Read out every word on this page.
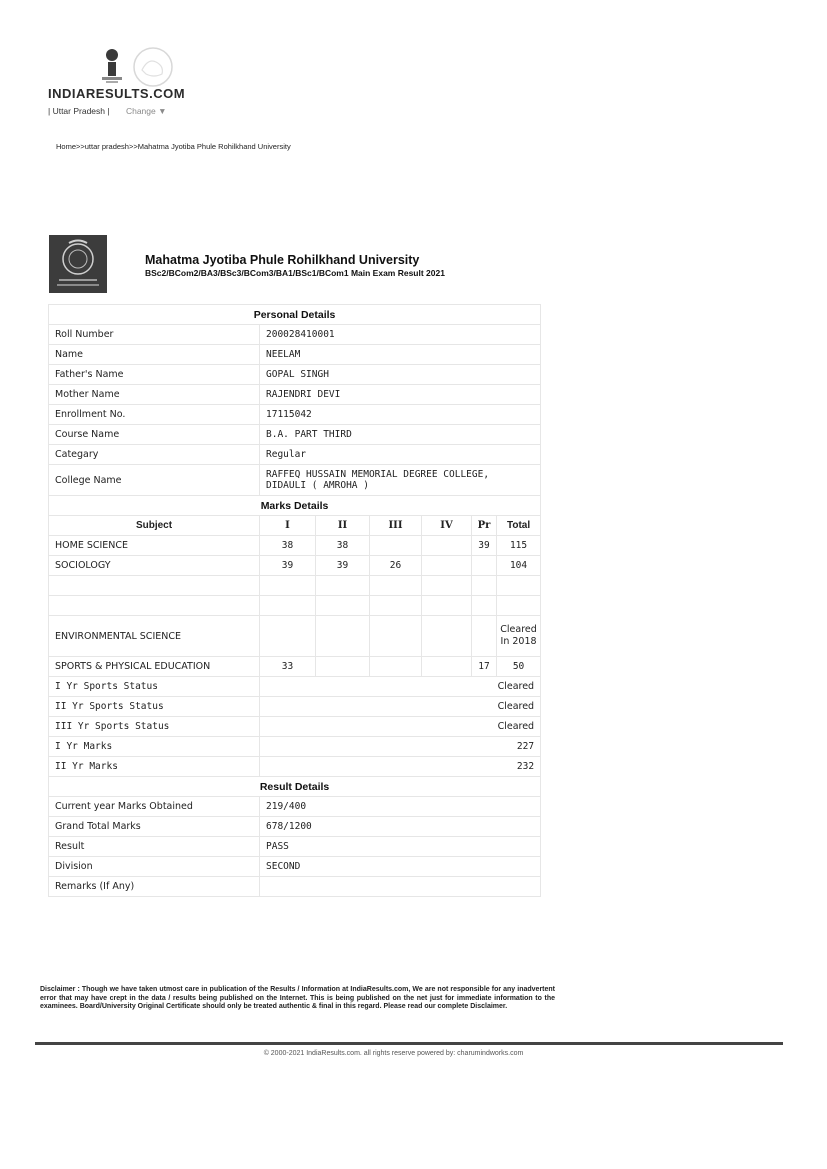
INDIARESULTS.COM
| Uttar Pradesh | Change ▼
Home>>uttar pradesh>>Mahatma Jyotiba Phule Rohilkhand University
Mahatma Jyotiba Phule Rohilkhand University
BSc2/BCom2/BA3/BSc3/BCom3/BA1/BSc1/BCom1 Main Exam Result 2021
Personal Details						
Roll Number	200028410001					
Name	NEELAM					
Father's Name	GOPAL SINGH					
Mother Name	RAJENDRI DEVI					
Enrollment No.	17115042					
Course Name	B.A. PART THIRD					
Categary	Regular					
College Name	RAFFEQ HUSSAIN MEMORIAL DEGREE COLLEGE, DIDAULI ( AMROHA )					
Marks Details						
Subject	I	II	III	IV	Pr	Total
HOME SCIENCE	38	38			39	115
SOCIOLOGY	39	39	26			104

ENVIRONMENTAL SCIENCE						Cleared In 2018
SPORTS & PHYSICAL EDUCATION	33				17	50
I Yr Sports Status	Cleared					
II Yr Sports Status	Cleared					
III Yr Sports Status	Cleared					
I Yr Marks	227					
II Yr Marks	232					
Result Details						
Current year Marks Obtained	219/400					
Grand Total Marks	678/1200					
Result	PASS					
Division	SECOND					
Remarks (If Any)						
Disclaimer : Though we have taken utmost care in publication of the Results / Information at IndiaResults.com, We are not responsible for any inadvertent error that may have crept in the data / results being published on the Internet. This is being published on the net just for immediate information to the examinees. Board/University Original Certificate should only be treated authentic & final in this regard. Please read our complete Disclaimer.
© 2000-2021 IndiaResults.com. all rights reserve powered by: charumindworks.com
